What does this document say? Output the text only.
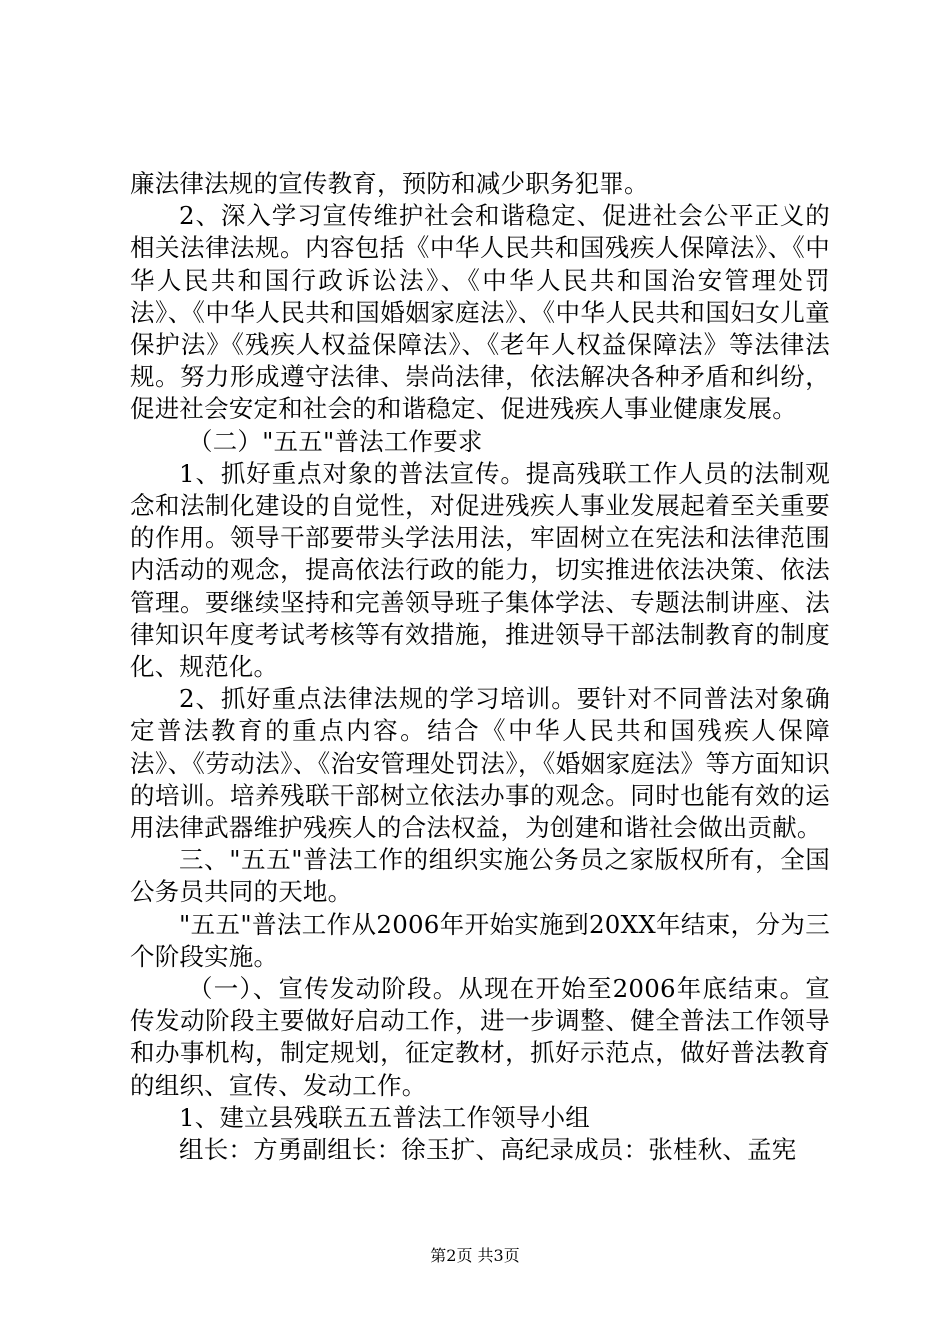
廉法律法规的宣传教育，预防和减少职务犯罪。

2、深入学习宣传维护社会和谐稳定、促进社会公平正义的相关法律法规。内容包括《中华人民共和国残疾人保障法》、《中华人民共和国行政诉讼法》、《中华人民共和国治安管理处罚法》、《中华人民共和国婚姻家庭法》、《中华人民共和国妇女儿童保护法》《残疾人权益保障法》、《老年人权益保障法》等法律法规。努力形成遵守法律、崇尚法律，依法解决各种矛盾和纠纷，促进社会安定和社会的和谐稳定、促进残疾人事业健康发展。

（二）"五五"普法工作要求

1、抓好重点对象的普法宣传。提高残联工作人员的法制观念和法制化建设的自觉性，对促进残疾人事业发展起着至关重要的作用。领导干部要带头学法用法，牢固树立在宪法和法律范围内活动的观念，提高依法行政的能力，切实推进依法决策、依法管理。要继续坚持和完善领导班子集体学法、专题法制讲座、法律知识年度考试考核等有效措施，推进领导干部法制教育的制度化、规范化。

2、抓好重点法律法规的学习培训。要针对不同普法对象确定普法教育的重点内容。结合《中华人民共和国残疾人保障法》、《劳动法》、《治安管理处罚法》，《婚姻家庭法》等方面知识的培训。培养残联干部树立依法办事的观念。同时也能有效的运用法律武器维护残疾人的合法权益，为创建和谐社会做出贡献。

三、"五五"普法工作的组织实施公务员之家版权所有，全国公务员共同的天地。

"五五"普法工作从2006年开始实施到20XX年结束，分为三个阶段实施。

（一）、宣传发动阶段。从现在开始至2006年底结束。宣传发动阶段主要做好启动工作，进一步调整、健全普法工作领导和办事机构，制定规划，征定教材，抓好示范点，做好普法教育的组织、宣传、发动工作。

1、建立县残联五五普法工作领导小组

组长：方勇副组长：徐玉扩、高纪录成员：张桂秋、孟宪

第2页 共3页
